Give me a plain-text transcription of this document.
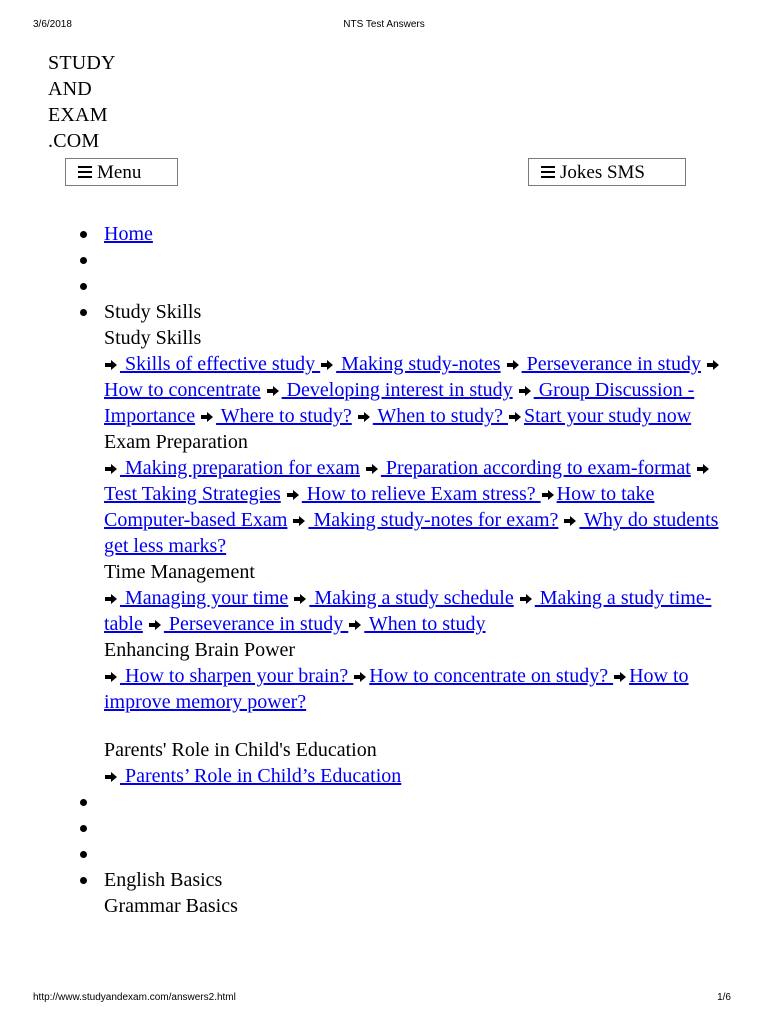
3/6/2018	NTS Test Answers
STUDY
AND
EXAM
.COM
Menu	Jokes SMS
Home
Study Skills
Study Skills
Skills of effective study
Making study-notes
Perseverance in study
How to concentrate
Developing interest in study
Group Discussion - Importance
Where to study?
When to study?
Start your study now
Exam Preparation
Making preparation for exam
Preparation according to exam-format
Test Taking Strategies
How to relieve Exam stress?
How to take Computer-based Exam
Making study-notes for exam?
Why do students get less marks?
Time Management
Managing your time
Making a study schedule
Making a study time-table
Perseverance in study
When to study
Enhancing Brain Power
How to sharpen your brain?
How to concentrate on study?
How to improve memory power?
Parents' Role in Child's Education
Parents’ Role in Child’s Education
English Basics
Grammar Basics
http://www.studyandexam.com/answers2.html	1/6
